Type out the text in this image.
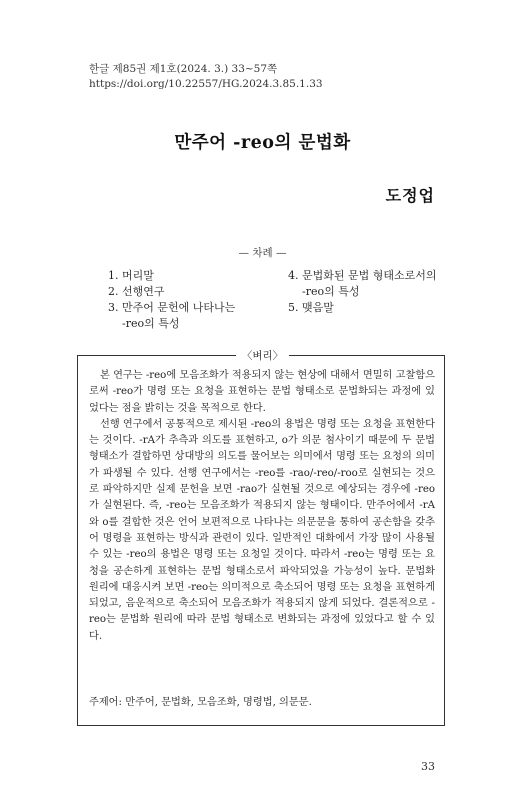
한글 제85권 제1호(2024. 3.) 33~57쪽
https://doi.org/10.22557/HG.2024.3.85.1.33
만주어 -reo의 문법화
도정업
— 차례 —
1. 머리말
2. 선행연구
3. 만주어 문헌에 나타나는
-reo의 특성
4. 문법화된 문법 형태소로서의
-reo의 특성
5. 맺음말
〈벼리〉

본 연구는 -reo에 모음조화가 적용되지 않는 현상에 대해서 면밀히 고찰함으로써 -reo가 명령 또는 요청을 표현하는 문법 형태소로 문법화되는 과정에 있었다는 점을 밝히는 것을 목적으로 한다.

선행 연구에서 공통적으로 제시된 -reo의 용법은 명령 또는 요청을 표현한다는 것이다. -rA가 추측과 의도를 표현하고, o가 의문 첨사이기 때문에 두 문법 형태소가 결합하면 상대방의 의도를 물어보는 의미에서 명령 또는 요청의 의미가 파생될 수 있다. 선행 연구에서는 -reo를 -rao/-reo/-roo로 실현되는 것으로 파악하지만 실제 문헌을 보면 -rao가 실현될 것으로 예상되는 경우에 -reo가 실현된다. 즉, -reo는 모음조화가 적용되지 않는 형태이다. 만주어에서 -rA와 o를 결합한 것은 언어 보편적으로 나타나는 의문문을 통하여 공손함을 갖추어 명령을 표현하는 방식과 관련이 있다. 일반적인 대화에서 가장 많이 사용될 수 있는 -reo의 용법은 명령 또는 요청일 것이다. 따라서 -reo는 명령 또는 요청을 공손하게 표현하는 문법 형태소로서 파악되었을 가능성이 높다. 문법화 원리에 대응시켜 보면 -reo는 의미적으로 축소되어 명령 또는 요청을 표현하게 되었고, 음운적으로 축소되어 모음조화가 적용되지 않게 되었다. 결론적으로 -reo는 문법화 원리에 따라 문법 형태소로 변화되는 과정에 있었다고 할 수 있다.

주제어: 만주어, 문법화, 모음조화, 명령법, 의문문.
33
